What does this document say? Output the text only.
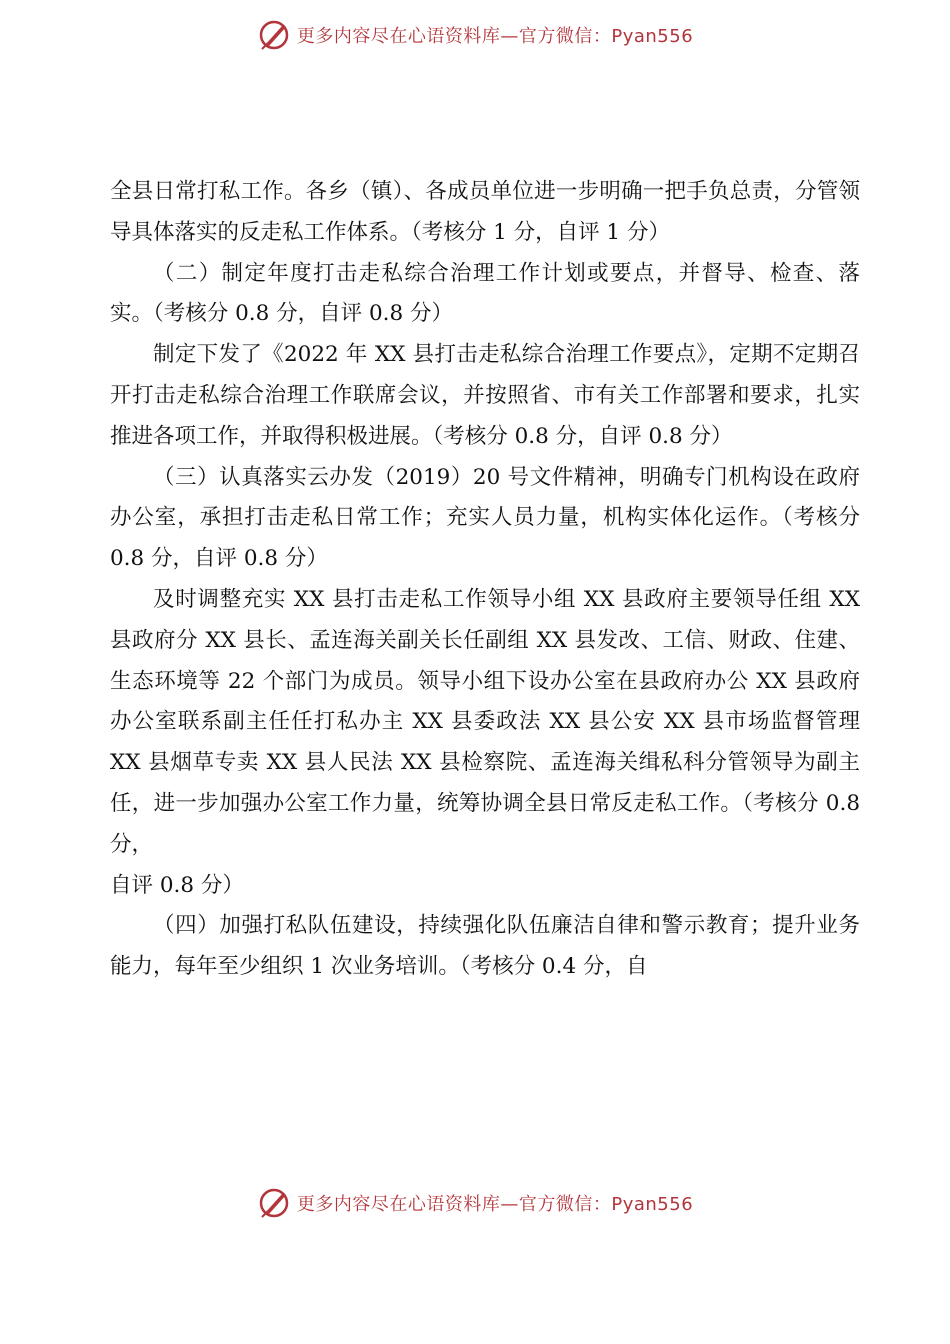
更多内容尽在心语资料库—官方微信：Pyan556

全县日常打私工作。各乡（镇）、各成员单位进一步明确一把手负总责，分管领导具体落实的反走私工作体系。（考核分 1 分，自评 1 分）

（二）制定年度打击走私综合治理工作计划或要点，并督导、检查、落实。（考核分 0.8 分，自评 0.8 分）

制定下发了《2022 年 XX 县打击走私综合治理工作要点》，定期不定期召开打击走私综合治理工作联席会议，并按照省、市有关工作部署和要求，扎实推进各项工作，并取得积极进展。（考核分 0.8 分，自评 0.8 分）

（三）认真落实云办发（2019）20 号文件精神，明确专门机构设在政府办公室，承担打击走私日常工作；充实人员力量，机构实体化运作。（考核分 0.8 分，自评 0.8 分）

及时调整充实 XX 县打击走私工作领导小组 XX 县政府主要领导任组 XX 县政府分 XX 县长、孟连海关副关长任副组 XX 县发改、工信、财政、住建、生态环境等 22 个部门为成员。领导小组下设办公室在县政府办公 XX 县政府办公室联系副主任任打私办主 XX 县委政法 XX 县公安 XX 县市场监督管理 XX 县烟草专卖 XX 县人民法 XX 县检察院、孟连海关缉私科分管领导为副主任，进一步加强办公室工作力量，统筹协调全县日常反走私工作。（考核分 0.8 分，

自评 0.8 分）

（四）加强打私队伍建设，持续强化队伍廉洁自律和警示教育；提升业务能力，每年至少组织 1 次业务培训。（考核分 0.4 分，自

更多内容尽在心语资料库—官方微信：Pyan556
